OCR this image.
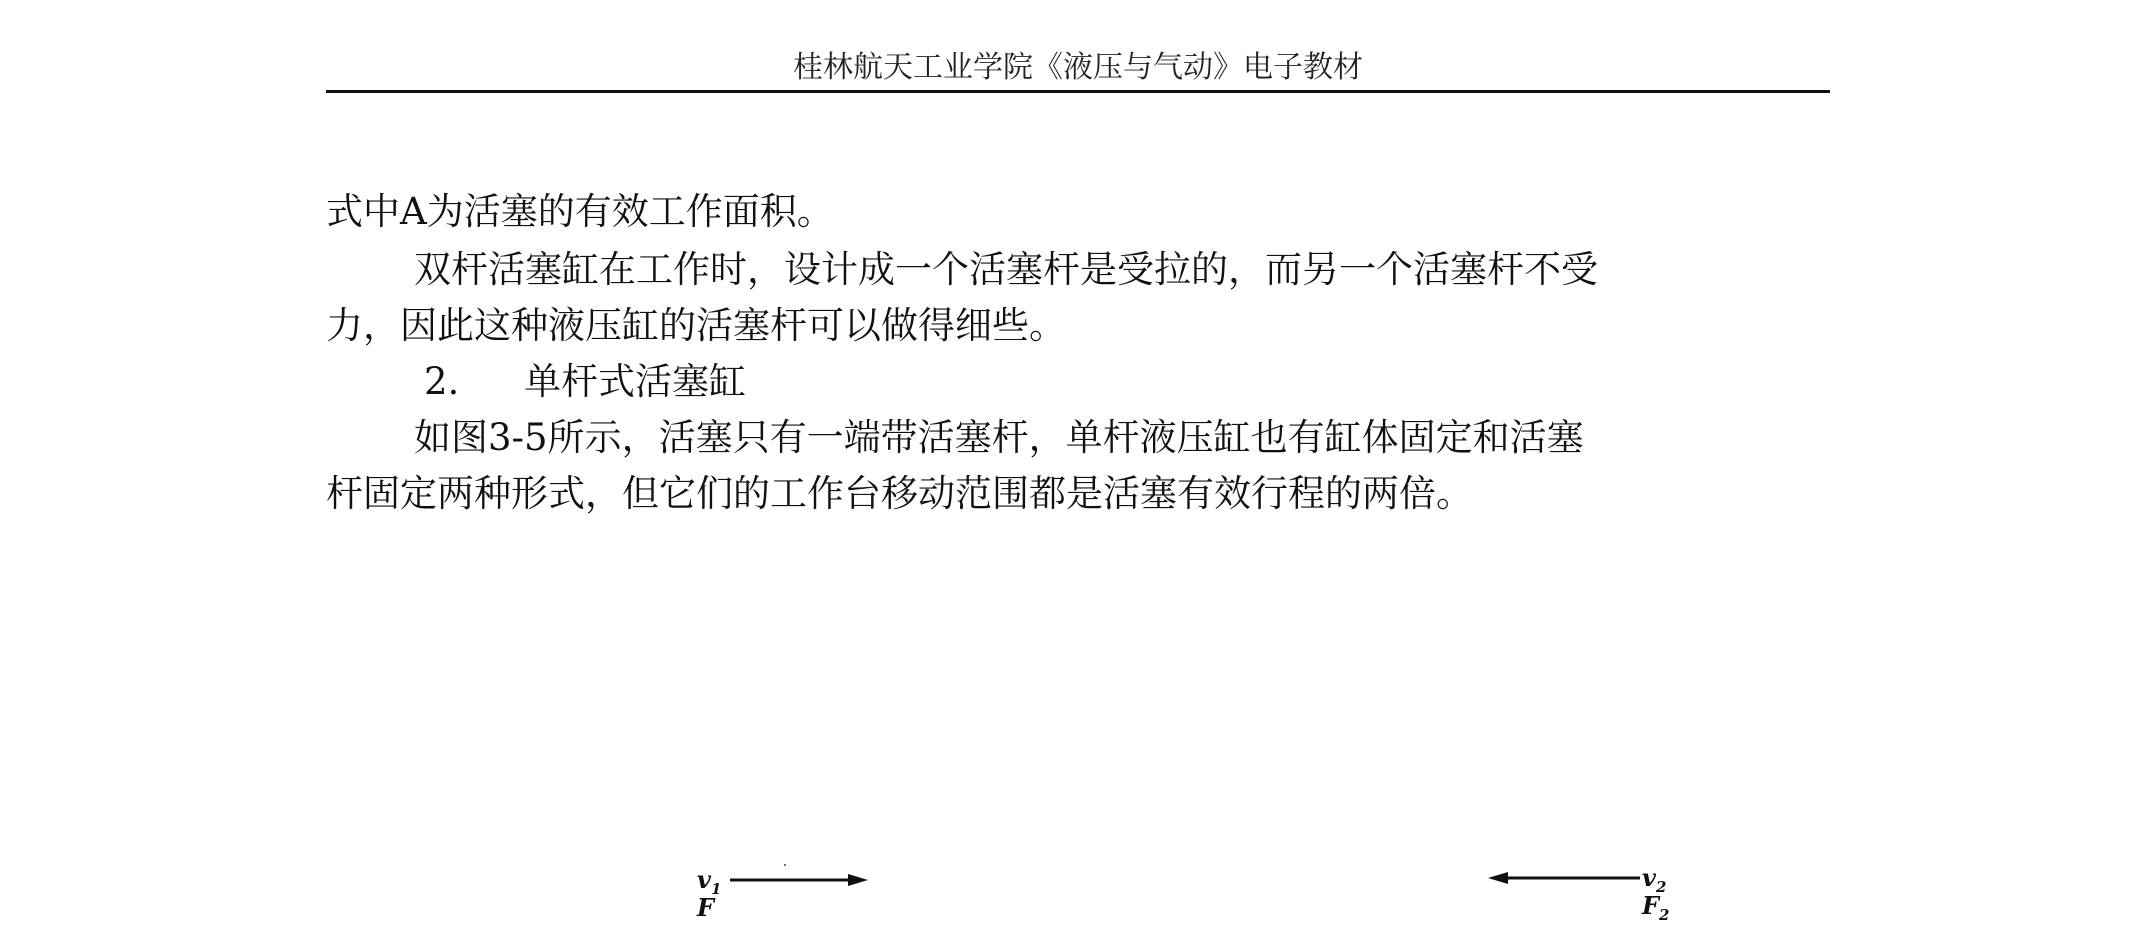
桂林航天工业学院《液压与气动》电子教材
式中A为活塞的有效工作面积。
双杆活塞缸在工作时，设计成一个活塞杆是受拉的，而另一个活塞杆不受
力，因此这种液压缸的活塞杆可以做得细些。
2. 单杆式活塞缸
如图3-5所示，活塞只有一端带活塞杆，单杆液压缸也有缸体固定和活塞
杆固定两种形式，但它们的工作台移动范围都是活塞有效行程的两倍。
$v_1$
F
$v_2$
$F_2$
